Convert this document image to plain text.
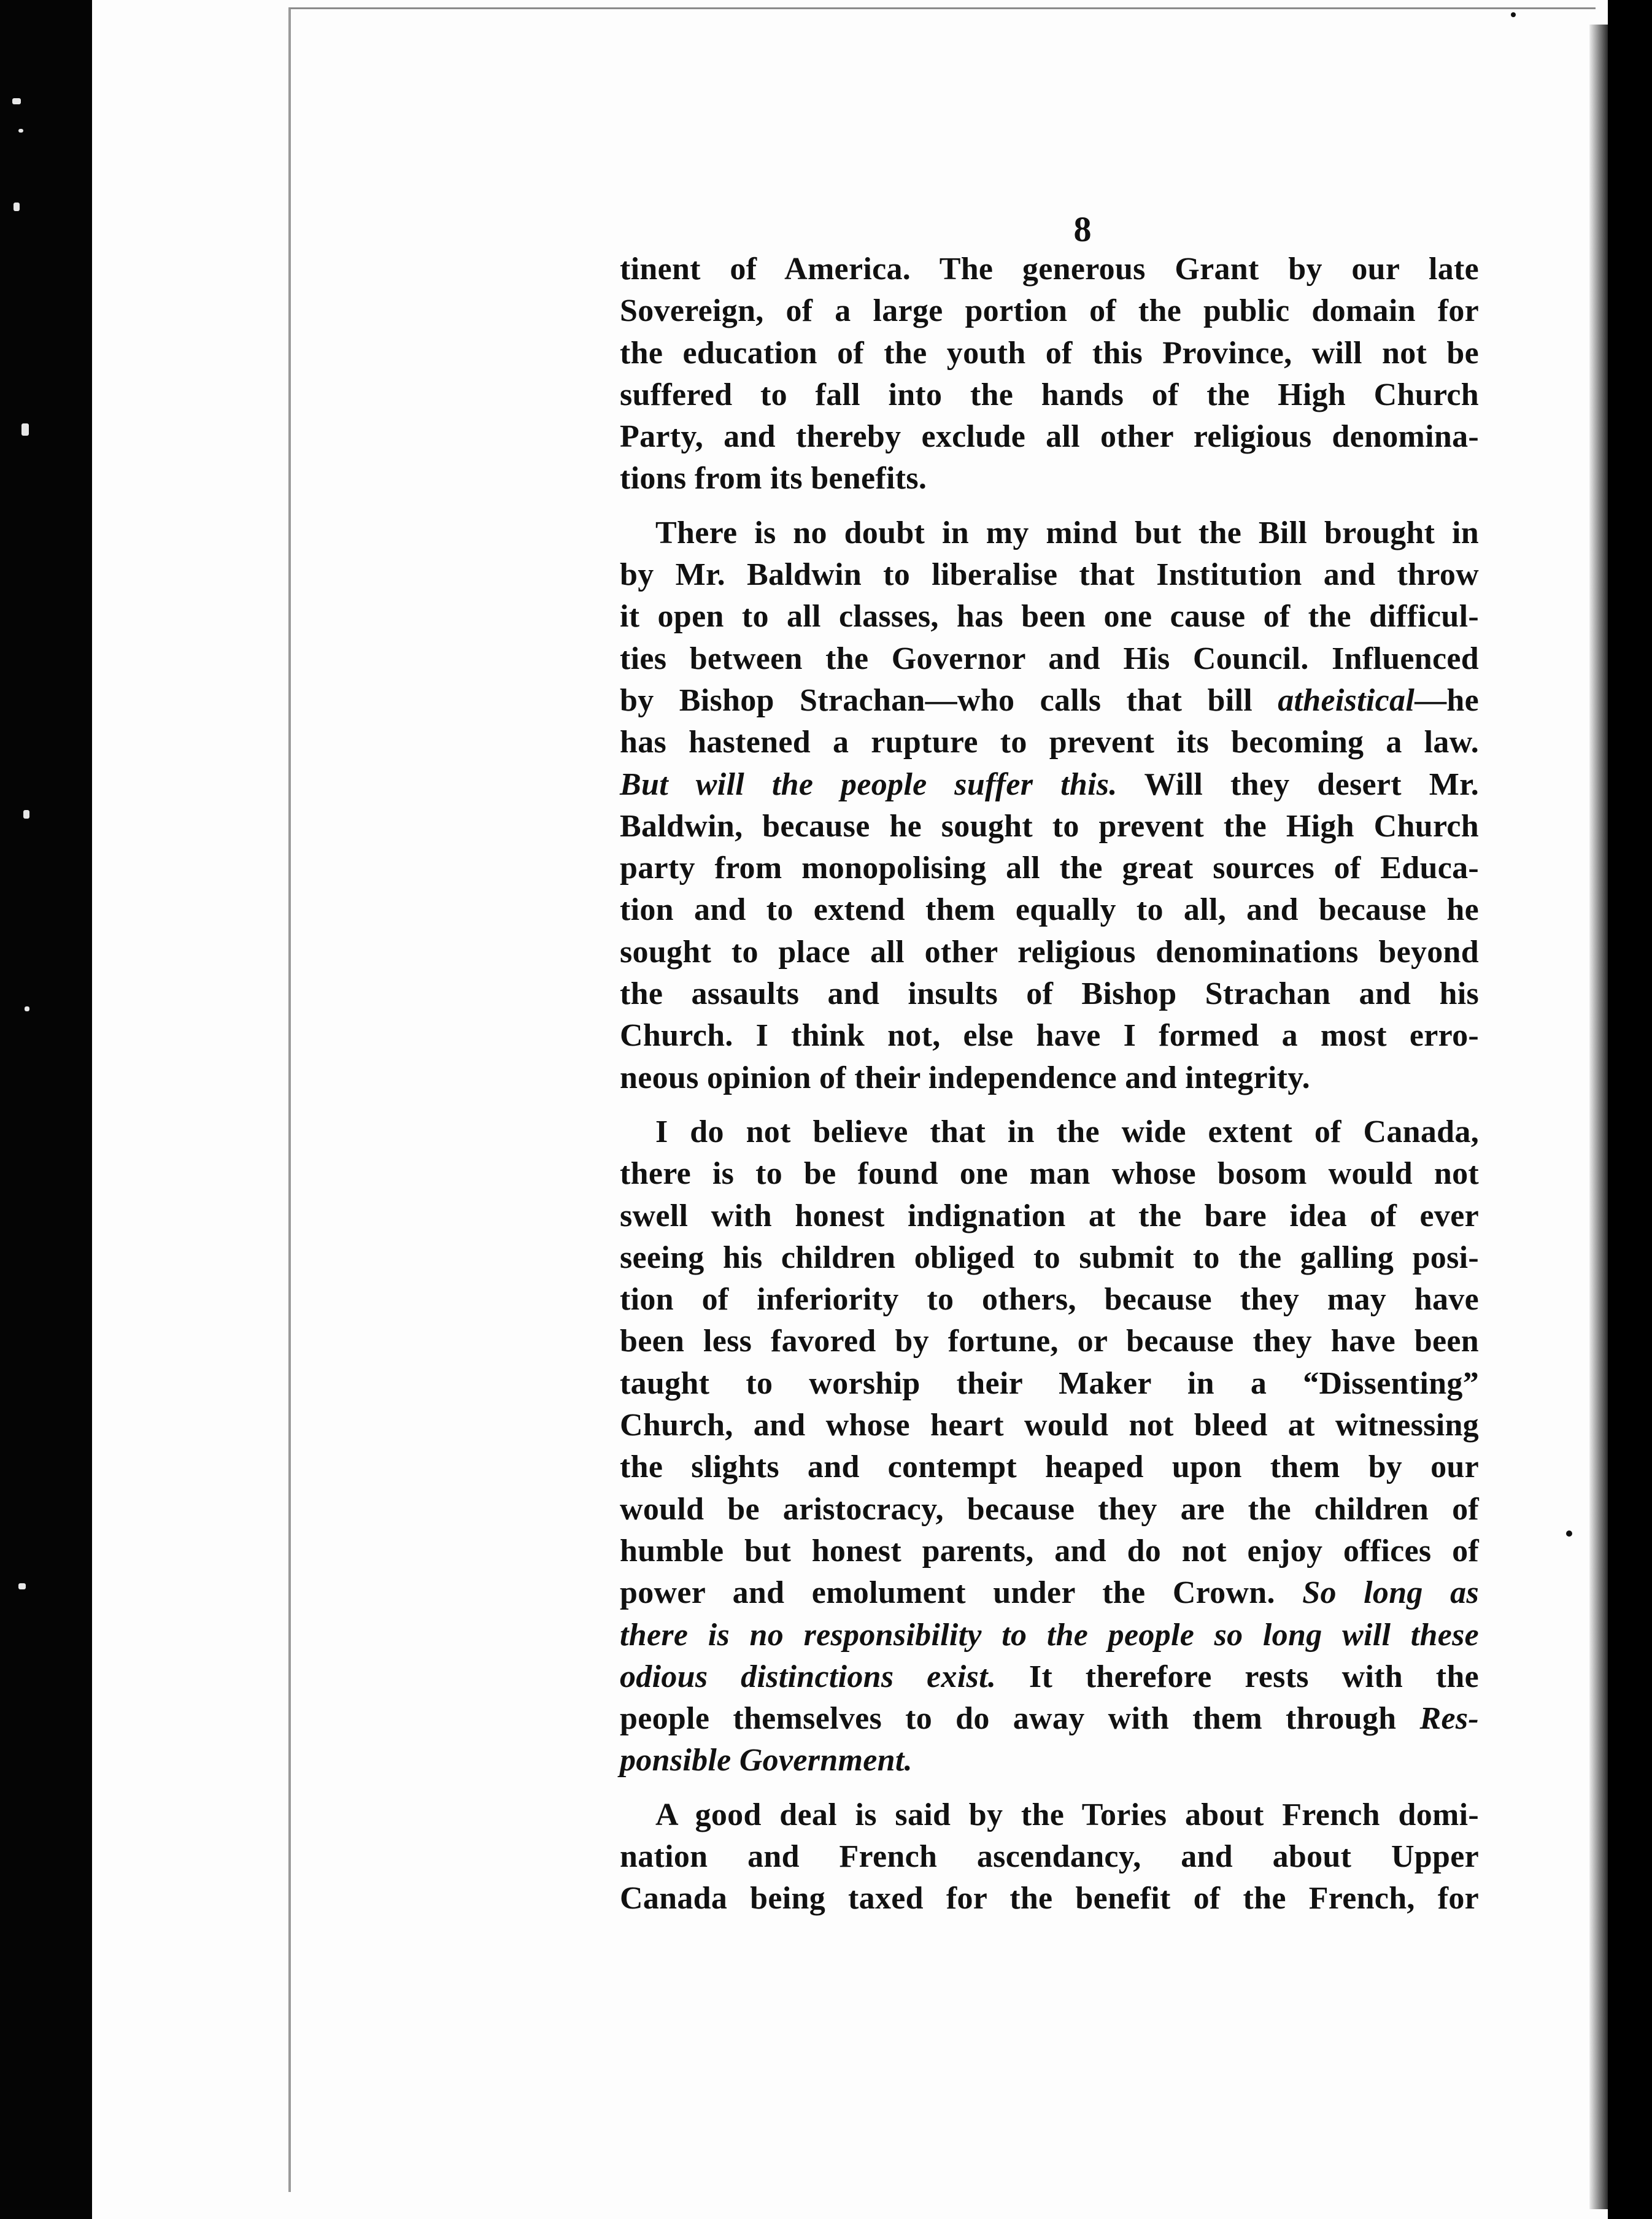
8
tinent of America. The generous Grant by our late
Sovereign, of a large portion of the public domain for
the education of the youth of this Province, will not be
suffered to fall into the hands of the High Church
Party, and thereby exclude all other religious denomina-
tions from its benefits.
There is no doubt in my mind but the Bill brought in
by Mr. Baldwin to liberalise that Institution and throw
it open to all classes, has been one cause of the difficul-
ties between the Governor and His Council. Influenced
by Bishop Strachan—who calls that bill atheistical—he
has hastened a rupture to prevent its becoming a law.
But will the people suffer this. Will they desert Mr.
Baldwin, because he sought to prevent the High Church
party from monopolising all the great sources of Educa-
tion and to extend them equally to all, and because he
sought to place all other religious denominations beyond
the assaults and insults of Bishop Strachan and his
Church. I think not, else have I formed a most erro-
neous opinion of their independence and integrity.
I do not believe that in the wide extent of Canada,
there is to be found one man whose bosom would not
swell with honest indignation at the bare idea of ever
seeing his children obliged to submit to the galling posi-
tion of inferiority to others, because they may have
been less favored by fortune, or because they have been
taught to worship their Maker in a “Dissenting”
Church, and whose heart would not bleed at witnessing
the slights and contempt heaped upon them by our
would be aristocracy, because they are the children of
humble but honest parents, and do not enjoy offices of
power and emolument under the Crown. So long as
there is no responsibility to the people so long will these
odious distinctions exist. It therefore rests with the
people themselves to do away with them through Res-
ponsible Government.
A good deal is said by the Tories about French domi-
nation and French ascendancy, and about Upper
Canada being taxed for the benefit of the French, for
